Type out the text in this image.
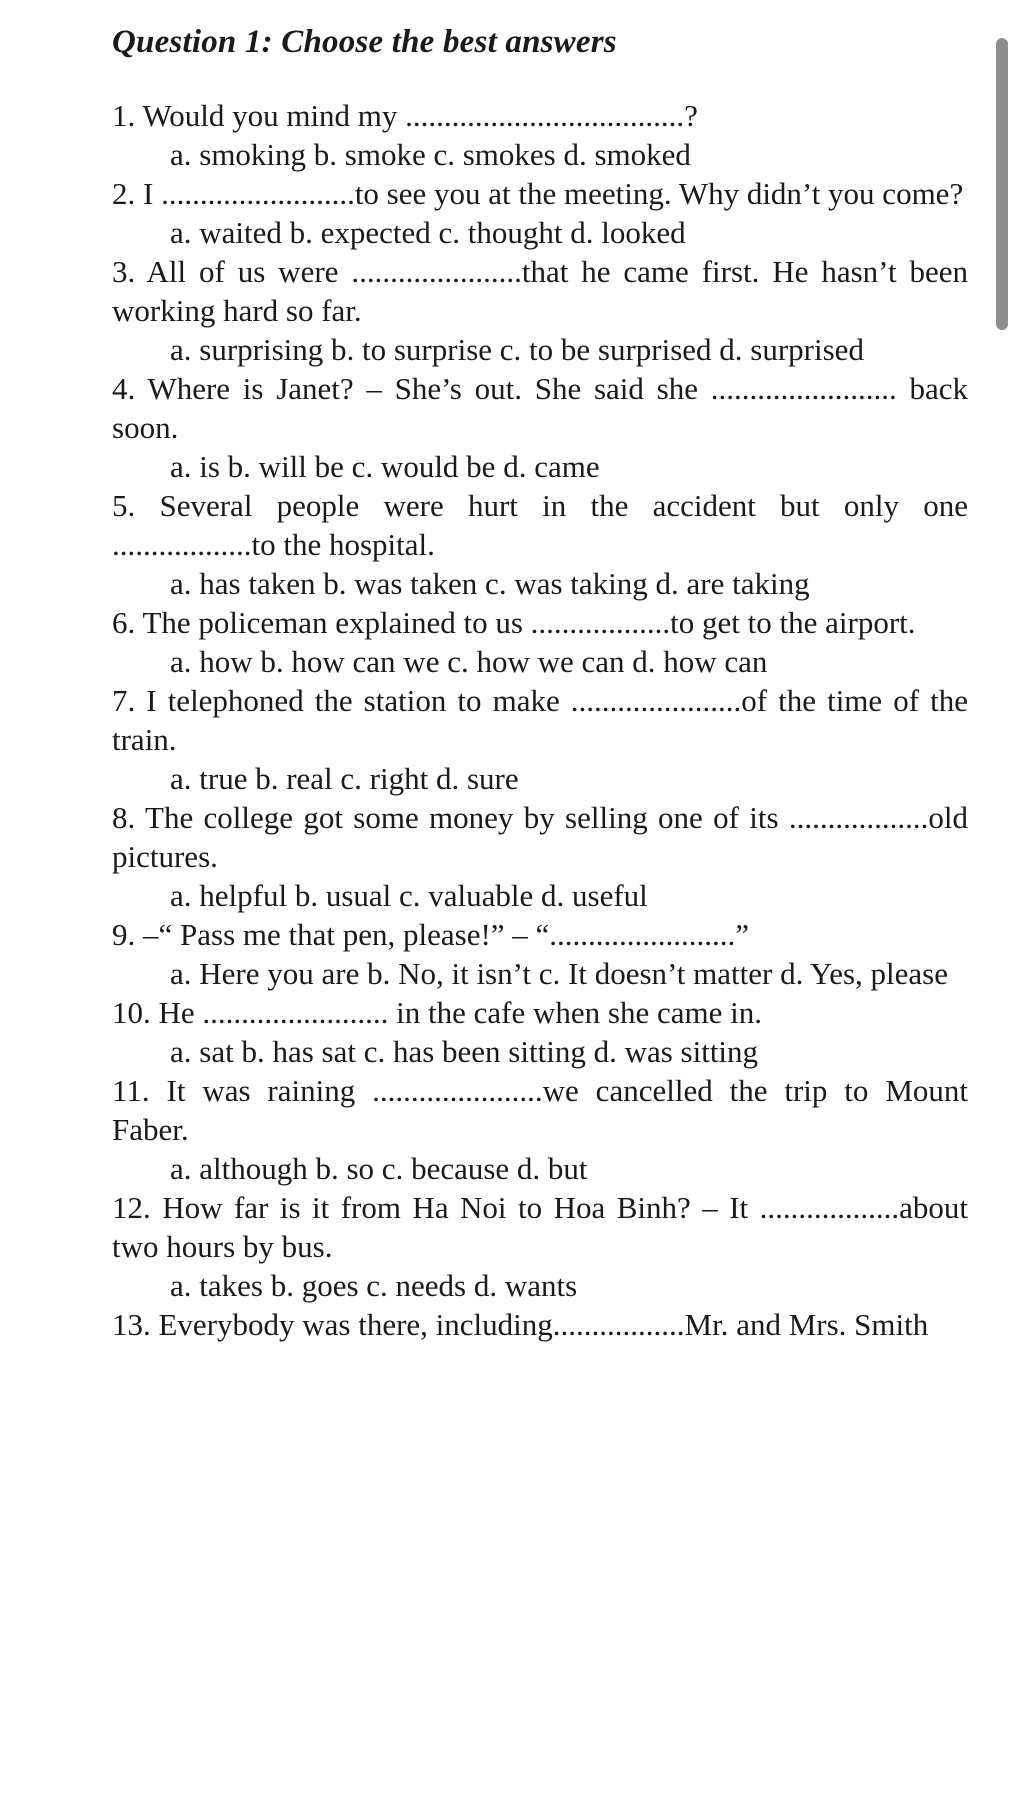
Question 1: Choose the best answers
1. Would you mind my ....................................?
a. smoking b. smoke c. smokes d. smoked
2. I .........................to see you at the meeting. Why didn’t you come?
a. waited b. expected c. thought d. looked
3. All of us were ......................that he came first. He hasn’t been working hard so far.
a. surprising b. to surprise c. to be surprised d. surprised
4. Where is Janet? – She’s out. She said she ........................ back soon.
a. is b. will be c. would be d. came
5. Several people were hurt in the accident but only one ..................to the hospital.
a. has taken b. was taken c. was taking d. are taking
6. The policeman explained to us ..................to get to the airport.
a. how b. how can we c. how we can d. how can
7. I telephoned the station to make ......................of the time of the train.
a. true b. real c. right d. sure
8. The college got some money by selling one of its ..................old pictures.
a. helpful b. usual c. valuable d. useful
9. –“ Pass me that pen, please!” – “........................”
a. Here you are b. No, it isn’t c. It doesn’t matter d. Yes, please
10. He ........................ in the cafe when she came in.
a. sat b. has sat c. has been sitting d. was sitting
11. It was raining ......................we cancelled the trip to Mount Faber.
a. although b. so c. because d. but
12. How far is it from Ha Noi to Hoa Binh? – It ..................about two hours by bus.
a. takes b. goes c. needs d. wants
13. Everybody was there, including.................Mr. and Mrs. Smith
